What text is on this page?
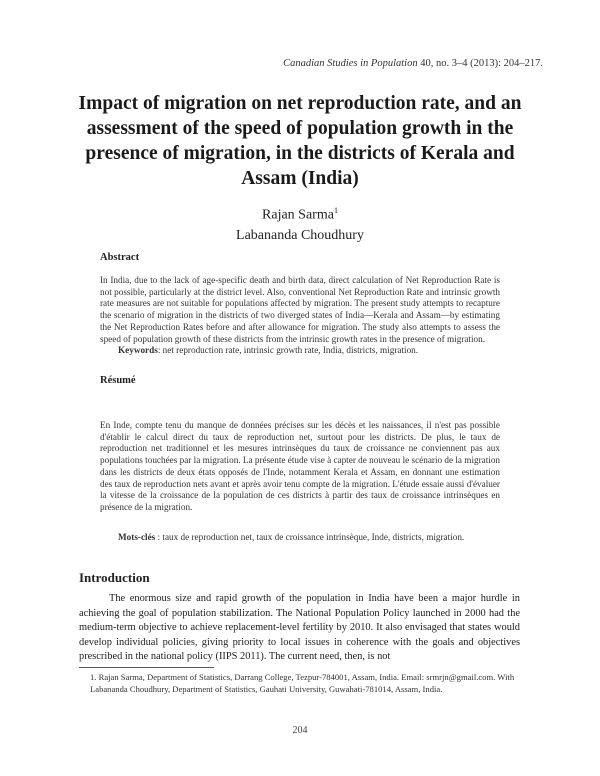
Canadian Studies in Population 40, no. 3–4 (2013): 204–217.
Impact of migration on net reproduction rate, and an assessment of the speed of population growth in the presence of migration, in the districts of Kerala and Assam (India)
Rajan Sarma$^1$
Labananda Choudhury
Abstract
In India, due to the lack of age-specific death and birth data, direct calculation of Net Reproduction Rate is not possible, particularly at the district level. Also, conventional Net Reproduction Rate and intrinsic growth rate measures are not suitable for populations affected by migration. The present study attempts to recapture the scenario of migration in the districts of two diverged states of India—Kerala and Assam—by estimating the Net Reproduction Rates before and after allowance for migration. The study also attempts to assess the speed of population growth of these districts from the intrinsic growth rates in the presence of migration.
Keywords: net reproduction rate, intrinsic growth rate, India, districts, migration.
Résumé
En Inde, compte tenu du manque de données précises sur les décès et les naissances, il n'est pas possible d'établir le calcul direct du taux de reproduction net, surtout pour les districts. De plus, le taux de reproduction net traditionnel et les mesures intrinsèques du taux de croissance ne conviennent pas aux populations touchées par la migration. La présente étude vise à capter de nouveau le scénario de la migration dans les districts de deux états opposés de l'Inde, notamment Kerala et Assam, en donnant une estimation des taux de reproduction nets avant et après avoir tenu compte de la migration. L'étude essaie aussi d'évaluer la vitesse de la croissance de la population de ces districts à partir des taux de croissance intrinsèques en présence de la migration.
Mots-clés : taux de reproduction net, taux de croissance intrinsèque, Inde, districts, migration.
Introduction
The enormous size and rapid growth of the population in India have been a major hurdle in achieving the goal of population stabilization. The National Population Policy launched in 2000 had the medium-term objective to achieve replacement-level fertility by 2010. It also envisaged that states would develop individual policies, giving priority to local issues in coherence with the goals and objectives prescribed in the national policy (IIPS 2011). The current need, then, is not
1. Rajan Sarma, Department of Statistics, Darrang College, Tezpur-784001, Assam, India. Email: srmrjn@gmail.com. With Labananda Choudhury, Department of Statistics, Gauhati University, Guwahati-781014, Assam, India.
204
